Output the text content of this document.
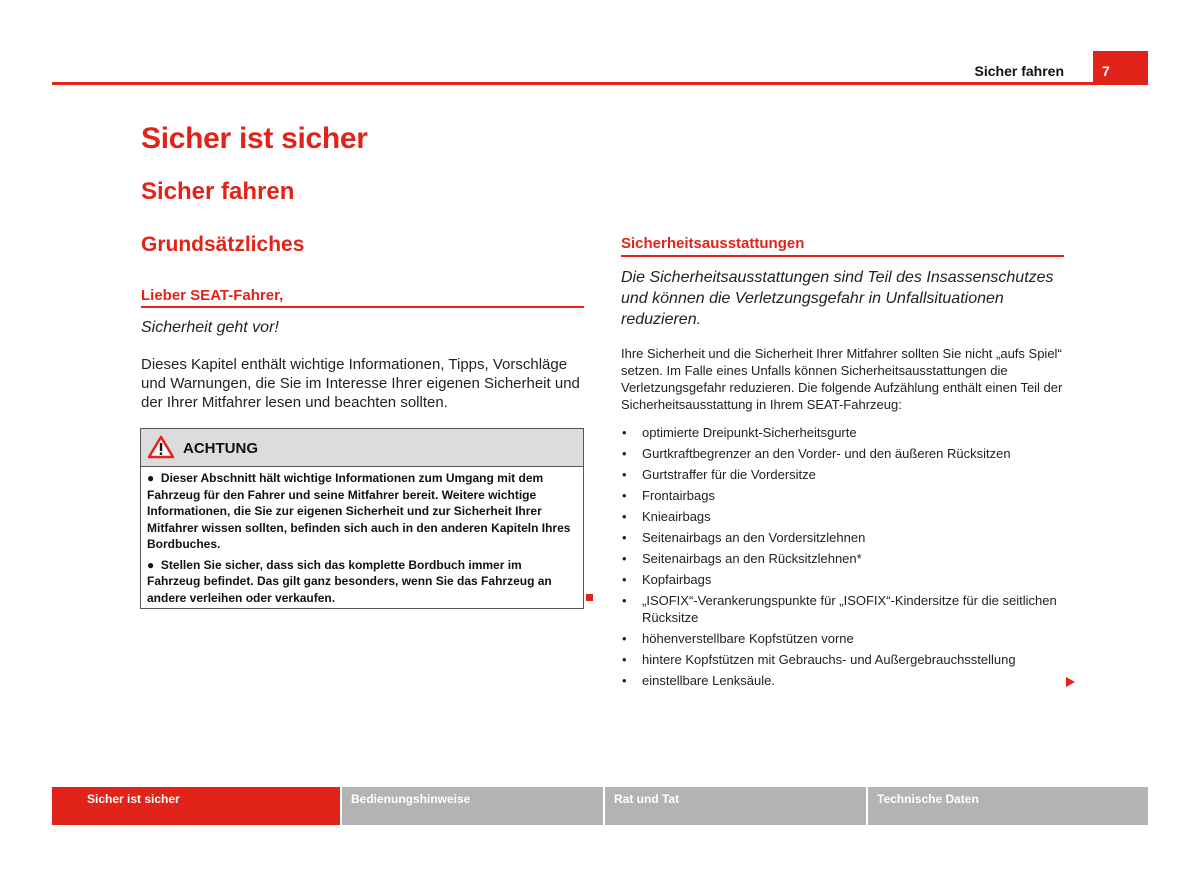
Sicher fahren	7
Sicher ist sicher
Sicher fahren
Grundsätzliches
Lieber SEAT-Fahrer,
Sicherheit geht vor!
Dieses Kapitel enthält wichtige Informationen, Tipps, Vorschläge und Warnungen, die Sie im Interesse Ihrer eigenen Sicherheit und der Ihrer Mitfahrer lesen und beachten sollten.
ACHTUNG

●  Dieser Abschnitt hält wichtige Informationen zum Umgang mit dem Fahrzeug für den Fahrer und seine Mitfahrer bereit. Weitere wichtige Informationen, die Sie zur eigenen Sicherheit und zur Sicherheit Ihrer Mitfahrer wissen sollten, befinden sich auch in den anderen Kapiteln Ihres Bordbuches.

●  Stellen Sie sicher, dass sich das komplette Bordbuch immer im Fahrzeug befindet. Das gilt ganz besonders, wenn Sie das Fahrzeug an andere verleihen oder verkaufen.

Sicherheitsausstattungen
Die Sicherheitsausstattungen sind Teil des Insassenschutzes und können die Verletzungsgefahr in Unfallsituationen reduzieren.
Ihre Sicherheit und die Sicherheit Ihrer Mitfahrer sollten Sie nicht „aufs Spiel“ setzen. Im Falle eines Unfalls können Sicherheitsausstattungen die Verletzungsgefahr reduzieren. Die folgende Aufzählung enthält einen Teil der Sicherheitsausstattung in Ihrem SEAT-Fahrzeug:
• optimierte Dreipunkt-Sicherheitsgurte
• Gurtkraftbegrenzer an den Vorder- und den äußeren Rücksitzen
• Gurtstraffer für die Vordersitze
• Frontairbags
• Knieairbags
• Seitenairbags an den Vordersitzlehnen
• Seitenairbags an den Rücksitzlehnen*
• Kopfairbags
• „ISOFIX“-Verankerungspunkte für „ISOFIX“-Kindersitze für die seitlichen Rücksitze
• höhenverstellbare Kopfstützen vorne
• hintere Kopfstützen mit Gebrauchs- und Außergebrauchsstellung
• einstellbare Lenksäule.
Sicher ist sicher	Bedienungshinweise	Rat und Tat	Technische Daten
